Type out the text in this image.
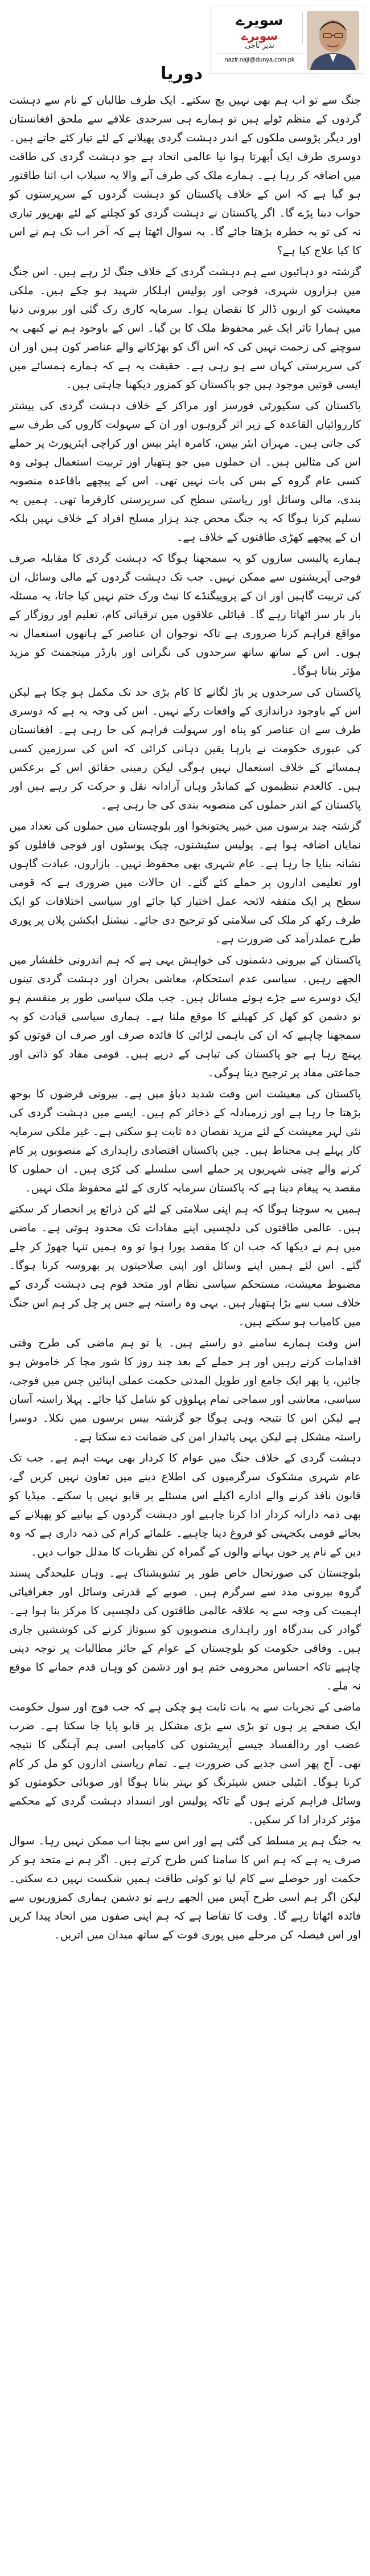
سویرے
سویرے
نذیر ناجی
nazir.naji@dunya.com.pk
دوریا

جنگ سے تو اب ہم بھی نہیں بچ سکتے۔ ایک طرف طالبان کے نام سے دہشت گردوں کے منظم ٹولے ہیں تو ہمارے ہی سرحدی علاقے سے ملحق افغانستان اور دیگر پڑوسی ملکوں کے اندر دہشت گردی پھیلانے کے لئے تیار کئے جاتے ہیں۔ دوسری طرف ایک اُبھرتا ہوا نیا عالمی اتحاد ہے جو دہشت گردی کی طاقت میں اضافہ کر رہا ہے۔ ہمارے ملک کی طرف آنے والا یہ سیلاب اب اتنا طاقتور ہو گیا ہے کہ اس کے خلاف پاکستان کو دہشت گردوں کے سرپرستوں کو جواب دینا پڑے گا۔ اگر پاکستان نے دہشت گردی کو کچلنے کے لئے بھرپور تیاری نہ کی تو یہ خطرہ بڑھتا جائے گا۔ یہ سوال اٹھتا ہے کہ آخر اب تک ہم نے اس کا کیا علاج کیا ہے؟

گزشتہ دو دہائیوں سے ہم دہشت گردی کے خلاف جنگ لڑ رہے ہیں۔ اس جنگ میں ہزاروں شہری، فوجی اور پولیس اہلکار شہید ہو چکے ہیں۔ ملکی معیشت کو اربوں ڈالر کا نقصان ہوا۔ سرمایہ کاری رک گئی اور بیرونی دنیا میں ہمارا تاثر ایک غیر محفوظ ملک کا بن گیا۔ اس کے باوجود ہم نے کبھی یہ سوچنے کی زحمت نہیں کی کہ اس آگ کو بھڑکانے والے عناصر کون ہیں اور ان کی سرپرستی کہاں سے ہو رہی ہے۔ حقیقت یہ ہے کہ ہمارے ہمسائے میں ایسی قوتیں موجود ہیں جو پاکستان کو کمزور دیکھنا چاہتی ہیں۔

پاکستان کی سکیورٹی فورسز اور مراکز کے خلاف دہشت گردی کی بیشتر کارروائیاں القاعدہ کے زیر اثر گروہوں اور ان کے سہولت کاروں کی طرف سے کی جاتی ہیں۔ مہران ایئر بیس، کامرہ ایئر بیس اور کراچی ایئرپورٹ پر حملے اس کی مثالیں ہیں۔ ان حملوں میں جو ہتھیار اور تربیت استعمال ہوئی وہ کسی عام گروہ کے بس کی بات نہیں تھی۔ اس کے پیچھے باقاعدہ منصوبہ بندی، مالی وسائل اور ریاستی سطح کی سرپرستی کارفرما تھی۔ ہمیں یہ تسلیم کرنا ہوگا کہ یہ جنگ محض چند ہزار مسلح افراد کے خلاف نہیں بلکہ ان کے پیچھے کھڑی طاقتوں کے خلاف ہے۔

ہمارے پالیسی سازوں کو یہ سمجھنا ہوگا کہ دہشت گردی کا مقابلہ صرف فوجی آپریشنوں سے ممکن نہیں۔ جب تک دہشت گردوں کے مالی وسائل، ان کی تربیت گاہیں اور ان کے پروپیگنڈے کا نیٹ ورک ختم نہیں کیا جاتا، یہ مسئلہ بار بار سر اٹھاتا رہے گا۔ قبائلی علاقوں میں ترقیاتی کام، تعلیم اور روزگار کے مواقع فراہم کرنا ضروری ہے تاکہ نوجوان ان عناصر کے ہاتھوں استعمال نہ ہوں۔ اس کے ساتھ ساتھ سرحدوں کی نگرانی اور بارڈر مینجمنٹ کو مزید مؤثر بنانا ہوگا۔

پاکستان کی سرحدوں پر باڑ لگانے کا کام بڑی حد تک مکمل ہو چکا ہے لیکن اس کے باوجود دراندازی کے واقعات رکے نہیں۔ اس کی وجہ یہ ہے کہ دوسری طرف سے ان عناصر کو پناہ اور سہولت فراہم کی جا رہی ہے۔ افغانستان کی عبوری حکومت نے بارہا یقین دہانی کرائی کہ اس کی سرزمین کسی ہمسائے کے خلاف استعمال نہیں ہوگی لیکن زمینی حقائق اس کے برعکس ہیں۔ کالعدم تنظیموں کے کمانڈر وہاں آزادانہ نقل و حرکت کر رہے ہیں اور پاکستان کے اندر حملوں کی منصوبہ بندی کی جا رہی ہے۔

گزشتہ چند برسوں میں خیبر پختونخوا اور بلوچستان میں حملوں کی تعداد میں نمایاں اضافہ ہوا ہے۔ پولیس سٹیشنوں، چیک پوسٹوں اور فوجی قافلوں کو نشانہ بنایا جا رہا ہے۔ عام شہری بھی محفوظ نہیں۔ بازاروں، عبادت گاہوں اور تعلیمی اداروں پر حملے کئے گئے۔ ان حالات میں ضروری ہے کہ قومی سطح پر ایک متفقہ لائحہ عمل اختیار کیا جائے اور سیاسی اختلافات کو ایک طرف رکھ کر ملک کی سلامتی کو ترجیح دی جائے۔ نیشنل ایکشن پلان پر پوری طرح عملدرآمد کی ضرورت ہے۔

پاکستان کے بیرونی دشمنوں کی خواہش یہی ہے کہ ہم اندرونی خلفشار میں الجھے رہیں۔ سیاسی عدم استحکام، معاشی بحران اور دہشت گردی تینوں ایک دوسرے سے جڑے ہوئے مسائل ہیں۔ جب ملک سیاسی طور پر منقسم ہو تو دشمن کو کھل کر کھیلنے کا موقع ملتا ہے۔ ہماری سیاسی قیادت کو یہ سمجھنا چاہیے کہ ان کی باہمی لڑائی کا فائدہ صرف اور صرف ان قوتوں کو پہنچ رہا ہے جو پاکستان کی تباہی کے درپے ہیں۔ قومی مفاد کو ذاتی اور جماعتی مفاد پر ترجیح دینا ہوگی۔

پاکستان کی معیشت اس وقت شدید دباؤ میں ہے۔ بیرونی قرضوں کا بوجھ بڑھتا جا رہا ہے اور زرمبادلہ کے ذخائر کم ہیں۔ ایسے میں دہشت گردی کی نئی لہر معیشت کے لئے مزید نقصان دہ ثابت ہو سکتی ہے۔ غیر ملکی سرمایہ کار پہلے ہی محتاط ہیں۔ چین پاکستان اقتصادی راہداری کے منصوبوں پر کام کرنے والے چینی شہریوں پر حملے اسی سلسلے کی کڑی ہیں۔ ان حملوں کا مقصد یہ پیغام دینا ہے کہ پاکستان سرمایہ کاری کے لئے محفوظ ملک نہیں۔

ہمیں یہ سوچنا ہوگا کہ ہم اپنی سلامتی کے لئے کن ذرائع پر انحصار کر سکتے ہیں۔ عالمی طاقتوں کی دلچسپی اپنے مفادات تک محدود ہوتی ہے۔ ماضی میں ہم نے دیکھا کہ جب ان کا مقصد پورا ہوا تو وہ ہمیں تنہا چھوڑ کر چلے گئے۔ اس لئے ہمیں اپنے وسائل اور اپنی صلاحیتوں پر بھروسہ کرنا ہوگا۔ مضبوط معیشت، مستحکم سیاسی نظام اور متحد قوم ہی دہشت گردی کے خلاف سب سے بڑا ہتھیار ہیں۔ یہی وہ راستہ ہے جس پر چل کر ہم اس جنگ میں کامیاب ہو سکتے ہیں۔

اس وقت ہمارے سامنے دو راستے ہیں۔ یا تو ہم ماضی کی طرح وقتی اقدامات کرتے رہیں اور ہر حملے کے بعد چند روز کا شور مچا کر خاموش ہو جائیں، یا پھر ایک جامع اور طویل المدتی حکمت عملی اپنائیں جس میں فوجی، سیاسی، معاشی اور سماجی تمام پہلوؤں کو شامل کیا جائے۔ پہلا راستہ آسان ہے لیکن اس کا نتیجہ وہی ہوگا جو گزشتہ بیس برسوں میں نکلا۔ دوسرا راستہ مشکل ہے لیکن یہی پائیدار امن کی ضمانت دے سکتا ہے۔

دہشت گردی کے خلاف جنگ میں عوام کا کردار بھی بہت اہم ہے۔ جب تک عام شہری مشکوک سرگرمیوں کی اطلاع دینے میں تعاون نہیں کریں گے، قانون نافذ کرنے والے ادارے اکیلے اس مسئلے پر قابو نہیں پا سکتے۔ میڈیا کو بھی ذمہ دارانہ کردار ادا کرنا چاہیے اور دہشت گردوں کے بیانیے کو پھیلانے کے بجائے قومی یکجہتی کو فروغ دینا چاہیے۔ علمائے کرام کی ذمہ داری ہے کہ وہ دین کے نام پر خون بہانے والوں کے گمراہ کن نظریات کا مدلل جواب دیں۔

بلوچستان کی صورتحال خاص طور پر تشویشناک ہے۔ وہاں علیحدگی پسند گروہ بیرونی مدد سے سرگرم ہیں۔ صوبے کے قدرتی وسائل اور جغرافیائی اہمیت کی وجہ سے یہ علاقہ عالمی طاقتوں کی دلچسپی کا مرکز بنا ہوا ہے۔ گوادر کی بندرگاہ اور راہداری منصوبوں کو سبوتاژ کرنے کی کوششیں جاری ہیں۔ وفاقی حکومت کو بلوچستان کے عوام کے جائز مطالبات پر توجہ دینی چاہیے تاکہ احساس محرومی ختم ہو اور دشمن کو وہاں قدم جمانے کا موقع نہ ملے۔

ماضی کے تجربات سے یہ بات ثابت ہو چکی ہے کہ جب فوج اور سول حکومت ایک صفحے پر ہوں تو بڑی سے بڑی مشکل پر قابو پایا جا سکتا ہے۔ ضرب عضب اور ردالفساد جیسے آپریشنوں کی کامیابی اسی ہم آہنگی کا نتیجہ تھی۔ آج پھر اسی جذبے کی ضرورت ہے۔ تمام ریاستی اداروں کو مل کر کام کرنا ہوگا۔ انٹیلی جنس شیئرنگ کو بہتر بنانا ہوگا اور صوبائی حکومتوں کو وسائل فراہم کرنے ہوں گے تاکہ پولیس اور انسداد دہشت گردی کے محکمے مؤثر کردار ادا کر سکیں۔

یہ جنگ ہم پر مسلط کی گئی ہے اور اس سے بچنا اب ممکن نہیں رہا۔ سوال صرف یہ ہے کہ ہم اس کا سامنا کس طرح کرتے ہیں۔ اگر ہم نے متحد ہو کر حکمت اور حوصلے سے کام لیا تو کوئی طاقت ہمیں شکست نہیں دے سکتی۔ لیکن اگر ہم اسی طرح آپس میں الجھے رہے تو دشمن ہماری کمزوریوں سے فائدہ اٹھاتا رہے گا۔ وقت کا تقاضا ہے کہ ہم اپنی صفوں میں اتحاد پیدا کریں اور اس فیصلہ کن مرحلے میں پوری قوت کے ساتھ میدان میں اتریں۔
